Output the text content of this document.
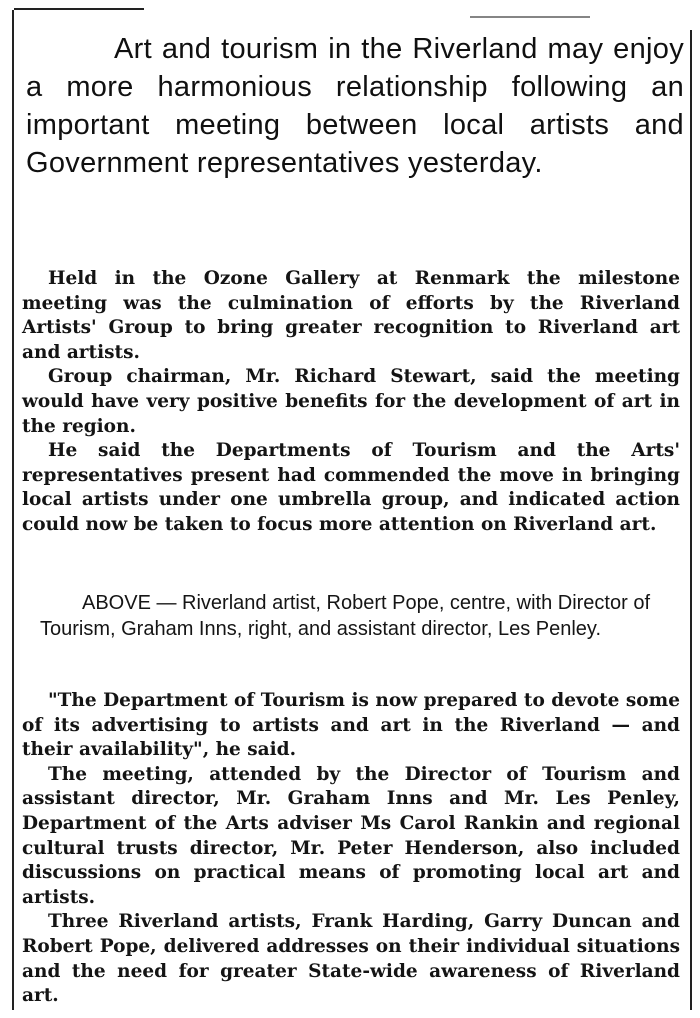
Art and tourism in the Riverland may enjoy a more harmonious relationship following an important meeting between local artists and Government representatives yesterday.

Held in the Ozone Gallery at Renmark the milestone meeting was the culmination of efforts by the Riverland Artists' Group to bring greater recognition to Riverland art and artists.

Group chairman, Mr. Richard Stewart, said the meeting would have very positive benefits for the development of art in the region.

He said the Departments of Tourism and the Arts' representatives present had commended the move in bringing local artists under one umbrella group, and indicated action could now be taken to focus more attention on Riverland art.

ABOVE — Riverland artist, Robert Pope, centre, with Director of Tourism, Graham Inns, right, and assistant director, Les Penley.

"The Department of Tourism is now prepared to devote some of its advertising to artists and art in the Riverland — and their availability", he said.

The meeting, attended by the Director of Tourism and assistant director, Mr. Graham Inns and Mr. Les Penley, Department of the Arts adviser Ms Carol Rankin and regional cultural trusts director, Mr. Peter Henderson, also included discussions on practical means of promoting local art and artists.

Three Riverland artists, Frank Harding, Garry Duncan and Robert Pope, delivered addresses on their individual situations and the need for greater State-wide awareness of Riverland art.
